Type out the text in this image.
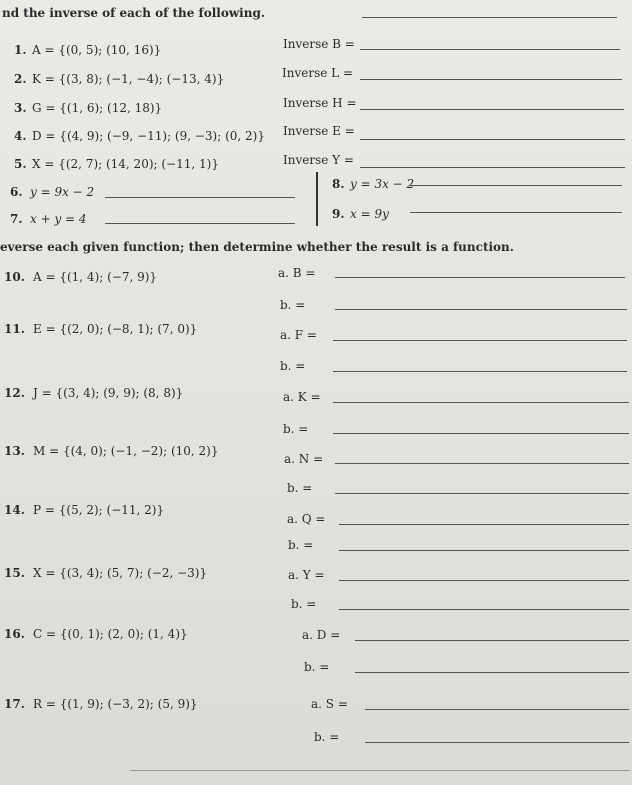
nd the inverse of each of the following.
1. A = {(0, 5); (10, 16)}	Inverse B =
2. K = {(3, 8); (−1, −4); (−13, 4)}	Inverse L =
3. G = {(1, 6); (12, 18)}	Inverse H =
4. D = {(4, 9); (−9, −11); (9, −3); (0, 2)} Inverse E =
5. X = {(2, 7); (14, 20); (−11, 1)}	Inverse Y =
6. y = 9x − 2
7. x + y = 4
8. y = 3x − 2
9. x = 9y
everse each given function; then determine whether the result is a function.
10. A = {(1, 4); (−7, 9)}	a. B =
b. =
11. E = {(2, 0); (−8, 1); (7, 0)}	a. F =
b. =
12. J = {(3, 4); (9, 9); (8, 8)}	a. K =
b. =
13. M = {(4, 0); (−1, −2); (10, 2)}
a. N =
b. =
14. P = {(5, 2); (−11, 2)}
a. Q =
b. =
15. X = {(3, 4); (5, 7); (−2, −3)}	a. Y =
b. =
16. C = {(0, 1); (2, 0); (1, 4)}	a. D =
b. =
17. R = {(1, 9); (−3, 2); (5, 9)}	a. S =
b. =
